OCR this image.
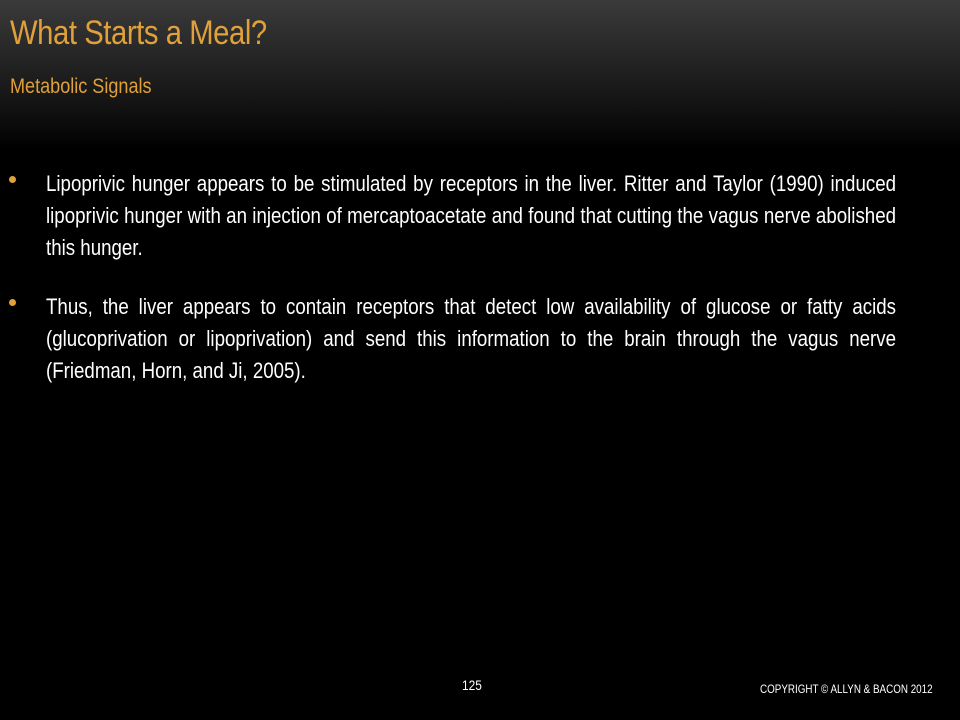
What Starts a Meal?
Metabolic Signals
Lipoprivic hunger appears to be stimulated by receptors in the liver. Ritter and Taylor (1990) induced lipoprivic hunger with an injection of mercaptoacetate and found that cutting the vagus nerve abolished this hunger.
Thus, the liver appears to contain receptors that detect low availability of glucose or fatty acids (glucoprivation or lipoprivation) and send this information to the brain through the vagus nerve (Friedman, Horn, and Ji, 2005).
125	COPYRIGHT © ALLYN & BACON 2012
